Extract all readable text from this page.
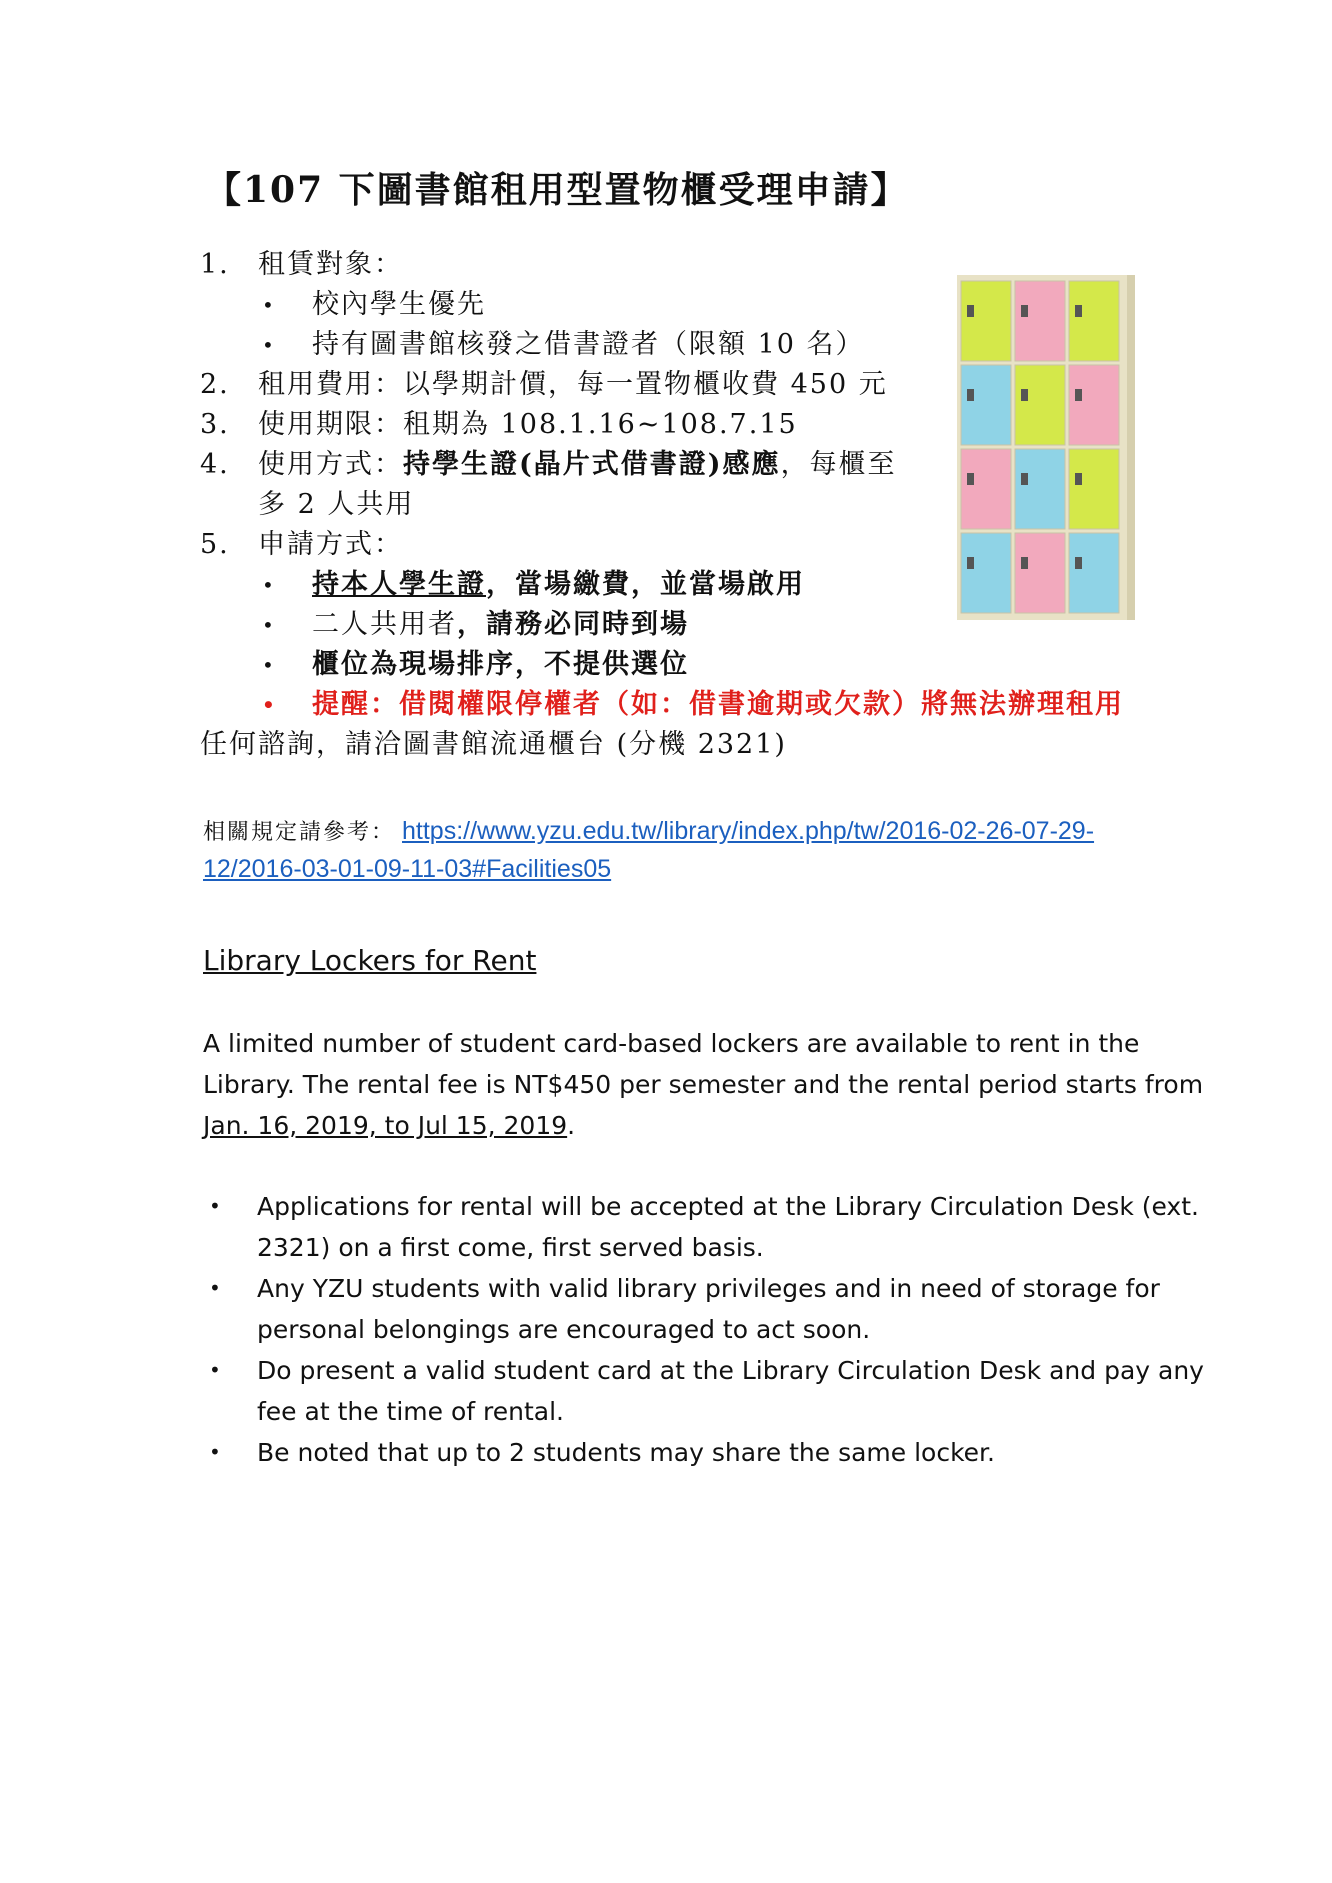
【107 下圖書館租用型置物櫃受理申請】
1. 租賃對象：
• 校內學生優先
• 持有圖書館核發之借書證者（限額 10 名）
2. 租用費用：以學期計價，每一置物櫃收費 450 元
3. 使用期限：租期為 108.1.16~108.7.15
4. 使用方式：持學生證(晶片式借書證)感應，每櫃至
多 2 人共用
5. 申請方式：
• 持本人學生證，當場繳費，並當場啟用
• 二人共用者，請務必同時到場
• 櫃位為現場排序，不提供選位
• 提醒：借閱權限停權者（如：借書逾期或欠款）將無法辦理租用
任何諮詢，請洽圖書館流通櫃台 (分機 2321)
相關規定請參考： https://www.yzu.edu.tw/library/index.php/tw/2016-02-26-07-29-
12/2016-03-01-09-11-03#Facilities05
Library Lockers for Rent
A limited number of student card-based lockers are available to rent in the
Library. The rental fee is NT$450 per semester and the rental period starts from
Jan. 16, 2019, to Jul 15, 2019.
• Applications for rental will be accepted at the Library Circulation Desk (ext.
2321) on a first come, first served basis.
• Any YZU students with valid library privileges and in need of storage for
personal belongings are encouraged to act soon.
• Do present a valid student card at the Library Circulation Desk and pay any
fee at the time of rental.
• Be noted that up to 2 students may share the same locker.
